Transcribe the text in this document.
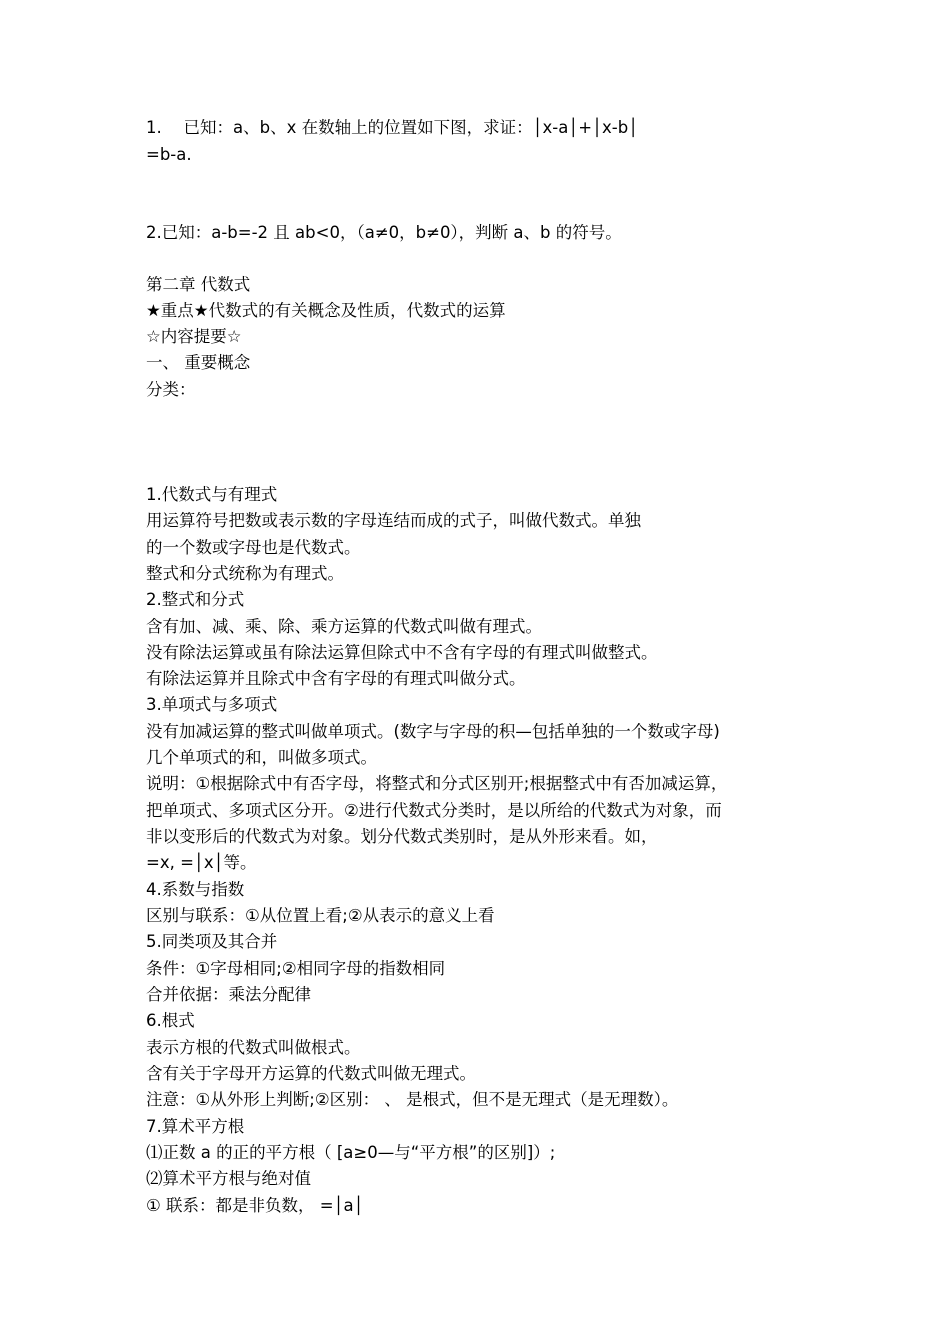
1.　 已知：a、b、x 在数轴上的位置如下图，求证：│x-a│+│x-b│
=b-a.
2.已知：a-b=-2 且 ab<0，（a≠0，b≠0），判断 a、b 的符号。
第二章 代数式
★重点★代数式的有关概念及性质，代数式的运算
☆内容提要☆
一、 重要概念
分类：
1.代数式与有理式
用运算符号把数或表示数的字母连结而成的式子，叫做代数式。单独
的一个数或字母也是代数式。
整式和分式统称为有理式。
2.整式和分式
含有加、减、乘、除、乘方运算的代数式叫做有理式。
没有除法运算或虽有除法运算但除式中不含有字母的有理式叫做整式。
有除法运算并且除式中含有字母的有理式叫做分式。
3.单项式与多项式
没有加减运算的整式叫做单项式。(数字与字母的积—包括单独的一个数或字母)
几个单项式的和，叫做多项式。
说明：①根据除式中有否字母，将整式和分式区别开;根据整式中有否加减运算，
把单项式、多项式区分开。②进行代数式分类时，是以所给的代数式为对象，而
非以变形后的代数式为对象。划分代数式类别时，是从外形来看。如，
=x, =│x│等。
4.系数与指数
区别与联系：①从位置上看;②从表示的意义上看
5.同类项及其合并
条件：①字母相同;②相同字母的指数相同
合并依据：乘法分配律
6.根式
表示方根的代数式叫做根式。
含有关于字母开方运算的代数式叫做无理式。
注意：①从外形上判断;②区别： 、 是根式，但不是无理式（是无理数）。
7.算术平方根
⑴正数 a 的正的平方根（ [a≥0—与“平方根”的区别]）;
⑵算术平方根与绝对值
① 联系：都是非负数， =│a│
